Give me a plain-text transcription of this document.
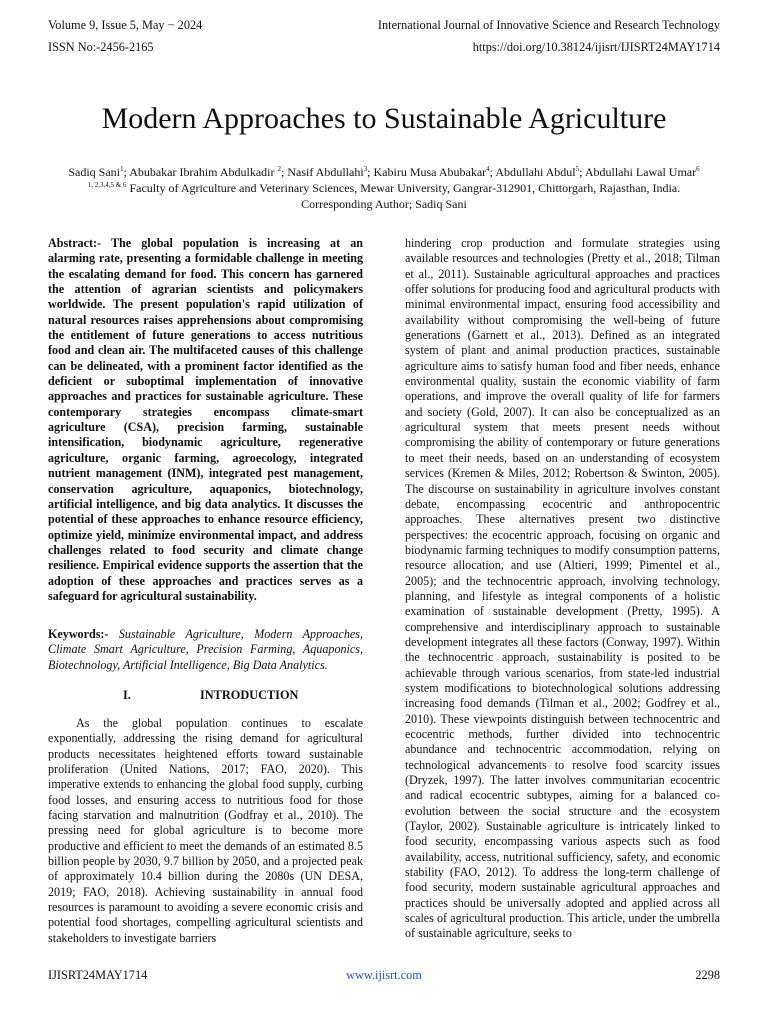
Volume 9, Issue 5, May − 2024
ISSN No:-2456-2165
International Journal of Innovative Science and Research Technology
https://doi.org/10.38124/ijisrt/IJISRT24MAY1714
Modern Approaches to Sustainable Agriculture
Sadiq Sani$^1$; Abubakar Ibrahim Abdulkadir $^2$; Nasif Abdullahi$^3$; Kabiru Musa Abubakar$^4$; Abdullahi Abdul$^5$; Abdullahi Lawal Umar$^6$
$^{1, 2,3,4,5 \& 6}$ Faculty of Agriculture and Veterinary Sciences, Mewar University, Gangrar-312901, Chittorgarh, Rajasthan, India.
Corresponding Author; Sadiq Sani
Abstract:- The global population is increasing at an alarming rate, presenting a formidable challenge in meeting the escalating demand for food. This concern has garnered the attention of agrarian scientists and policymakers worldwide. The present population's rapid utilization of natural resources raises apprehensions about compromising the entitlement of future generations to access nutritious food and clean air. The multifaceted causes of this challenge can be delineated, with a prominent factor identified as the deficient or suboptimal implementation of innovative approaches and practices for sustainable agriculture. These contemporary strategies encompass climate-smart agriculture (CSA), precision farming, sustainable intensification, biodynamic agriculture, regenerative agriculture, organic farming, agroecology, integrated nutrient management (INM), integrated pest management, conservation agriculture, aquaponics, biotechnology, artificial intelligence, and big data analytics. It discusses the potential of these approaches to enhance resource efficiency, optimize yield, minimize environmental impact, and address challenges related to food security and climate change resilience. Empirical evidence supports the assertion that the adoption of these approaches and practices serves as a safeguard for agricultural sustainability.
Keywords:- Sustainable Agriculture, Modern Approaches, Climate Smart Agriculture, Precision Farming, Aquaponics, Biotechnology, Artificial Intelligence, Big Data Analytics.
I.	INTRODUCTION
As the global population continues to escalate exponentially, addressing the rising demand for agricultural products necessitates heightened efforts toward sustainable proliferation (United Nations, 2017; FAO, 2020). This imperative extends to enhancing the global food supply, curbing food losses, and ensuring access to nutritious food for those facing starvation and malnutrition (Godfray et al., 2010). The pressing need for global agriculture is to become more productive and efficient to meet the demands of an estimated 8.5 billion people by 2030, 9.7 billion by 2050, and a projected peak of approximately 10.4 billion during the 2080s (UN DESA, 2019; FAO, 2018). Achieving sustainability in annual food resources is paramount to avoiding a severe economic crisis and potential food shortages, compelling agricultural scientists and stakeholders to investigate barriers
hindering crop production and formulate strategies using available resources and technologies (Pretty et al., 2018; Tilman et al., 2011). Sustainable agricultural approaches and practices offer solutions for producing food and agricultural products with minimal environmental impact, ensuring food accessibility and availability without compromising the well-being of future generations (Garnett et al., 2013). Defined as an integrated system of plant and animal production practices, sustainable agriculture aims to satisfy human food and fiber needs, enhance environmental quality, sustain the economic viability of farm operations, and improve the overall quality of life for farmers and society (Gold, 2007). It can also be conceptualized as an agricultural system that meets present needs without compromising the ability of contemporary or future generations to meet their needs, based on an understanding of ecosystem services (Kremen & Miles, 2012; Robertson & Swinton, 2005). The discourse on sustainability in agriculture involves constant debate, encompassing ecocentric and anthropocentric approaches. These alternatives present two distinctive perspectives: the ecocentric approach, focusing on organic and biodynamic farming techniques to modify consumption patterns, resource allocation, and use (Altieri, 1999; Pimentel et al., 2005); and the technocentric approach, involving technology, planning, and lifestyle as integral components of a holistic examination of sustainable development (Pretty, 1995). A comprehensive and interdisciplinary approach to sustainable development integrates all these factors (Conway, 1997). Within the technocentric approach, sustainability is posited to be achievable through various scenarios, from state-led industrial system modifications to biotechnological solutions addressing increasing food demands (Tilman et al., 2002; Godfrey et al., 2010). These viewpoints distinguish between technocentric and ecocentric methods, further divided into technocentric abundance and technocentric accommodation, relying on technological advancements to resolve food scarcity issues (Dryzek, 1997). The latter involves communitarian ecocentric and radical ecocentric subtypes, aiming for a balanced co-evolution between the social structure and the ecosystem (Taylor, 2002). Sustainable agriculture is intricately linked to food security, encompassing various aspects such as food availability, access, nutritional sufficiency, safety, and economic stability (FAO, 2012). To address the long-term challenge of food security, modern sustainable agricultural approaches and practices should be universally adopted and applied across all scales of agricultural production. This article, under the umbrella of sustainable agriculture, seeks to
IJISRT24MAY1714	www.ijisrt.com	2298
